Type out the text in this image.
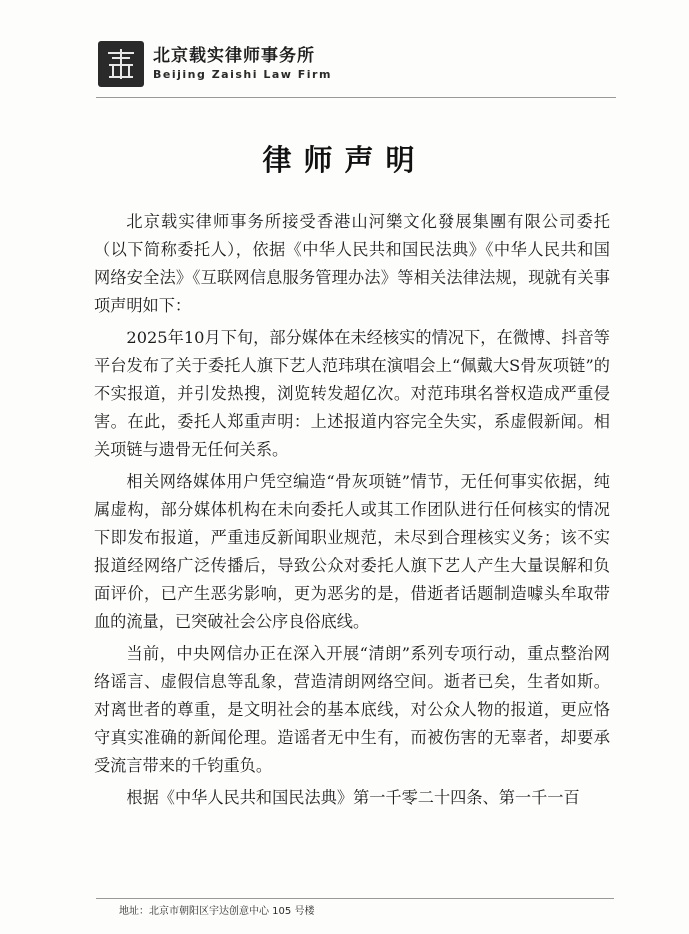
北京载实律师事务所
Beijing Zaishi Law Firm
律师声明

北京载实律师事务所接受香港山河樂文化發展集團有限公司委托（以下简称委托人），依据《中华人民共和国民法典》《中华人民共和国网络安全法》《互联网信息服务管理办法》等相关法律法规，现就有关事项声明如下：

2025年10月下旬，部分媒体在未经核实的情况下，在微博、抖音等平台发布了关于委托人旗下艺人范玮琪在演唱会上“佩戴大S骨灰项链”的不实报道，并引发热搜，浏览转发超亿次。对范玮琪名誉权造成严重侵害。在此，委托人郑重声明：上述报道内容完全失实，系虚假新闻。相关项链与遗骨无任何关系。

相关网络媒体用户凭空编造“骨灰项链”情节，无任何事实依据，纯属虚构，部分媒体机构在未向委托人或其工作团队进行任何核实的情况下即发布报道，严重违反新闻职业规范，未尽到合理核实义务；该不实报道经网络广泛传播后，导致公众对委托人旗下艺人产生大量误解和负面评价，已产生恶劣影响，更为恶劣的是，借逝者话题制造噱头牟取带血的流量，已突破社会公序良俗底线。

当前，中央网信办正在深入开展“清朗”系列专项行动，重点整治网络谣言、虚假信息等乱象，营造清朗网络空间。逝者已矣，生者如斯。对离世者的尊重，是文明社会的基本底线，对公众人物的报道，更应恪守真实准确的新闻伦理。造谣者无中生有，而被伤害的无辜者，却要承受流言带来的千钧重负。

根据《中华人民共和国民法典》第一千零二十四条、第一千一百

地址：北京市朝阳区宇达创意中心 105 号楼
